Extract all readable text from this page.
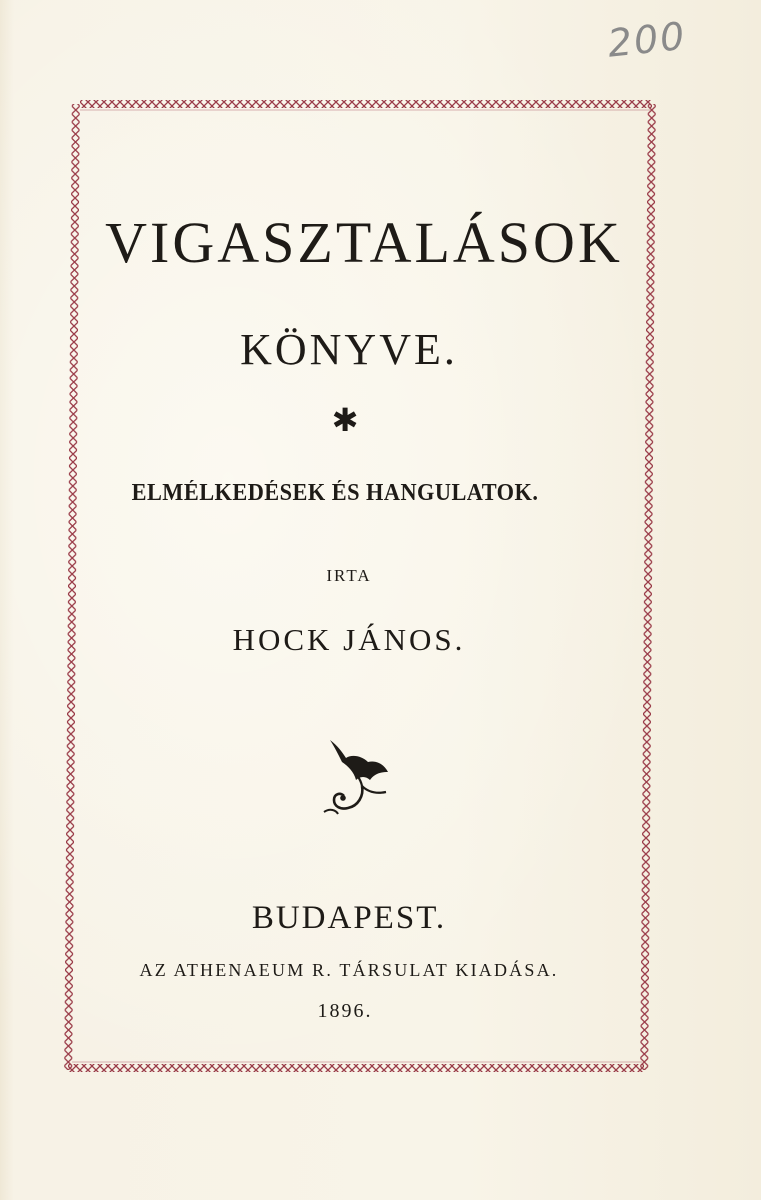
200
VIGASZTALÁSOK
KÖNYVE.
✱
ELMÉLKEDÉSEK ÉS HANGULATOK.
IRTA
HOCK JÁNOS.
BUDAPEST.
AZ ATHENAEUM R. TÁRSULAT KIADÁSA.
1896.
